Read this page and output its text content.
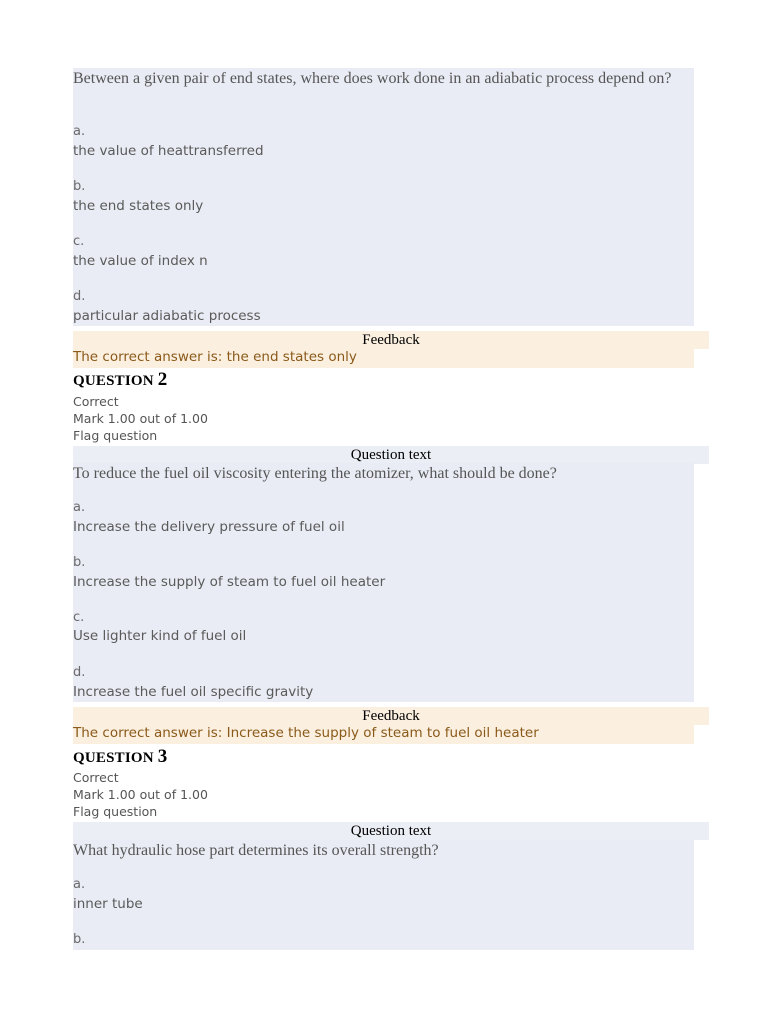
Between a given pair of end states, where does work done in an adiabatic process depend on?
a.
the value of heattransferred
b.
the end states only
c.
the value of index n
d.
particular adiabatic process
Feedback
The correct answer is: the end states only
QUESTION 2
Correct
Mark 1.00 out of 1.00
Flag question
Question text
To reduce the fuel oil viscosity entering the atomizer, what should be done?
a.
Increase the delivery pressure of fuel oil
b.
Increase the supply of steam to fuel oil heater
c.
Use lighter kind of fuel oil
d.
Increase the fuel oil specific gravity
Feedback
The correct answer is: Increase the supply of steam to fuel oil heater
QUESTION 3
Correct
Mark 1.00 out of 1.00
Flag question
Question text
What hydraulic hose part determines its overall strength?
a.
inner tube
b.
